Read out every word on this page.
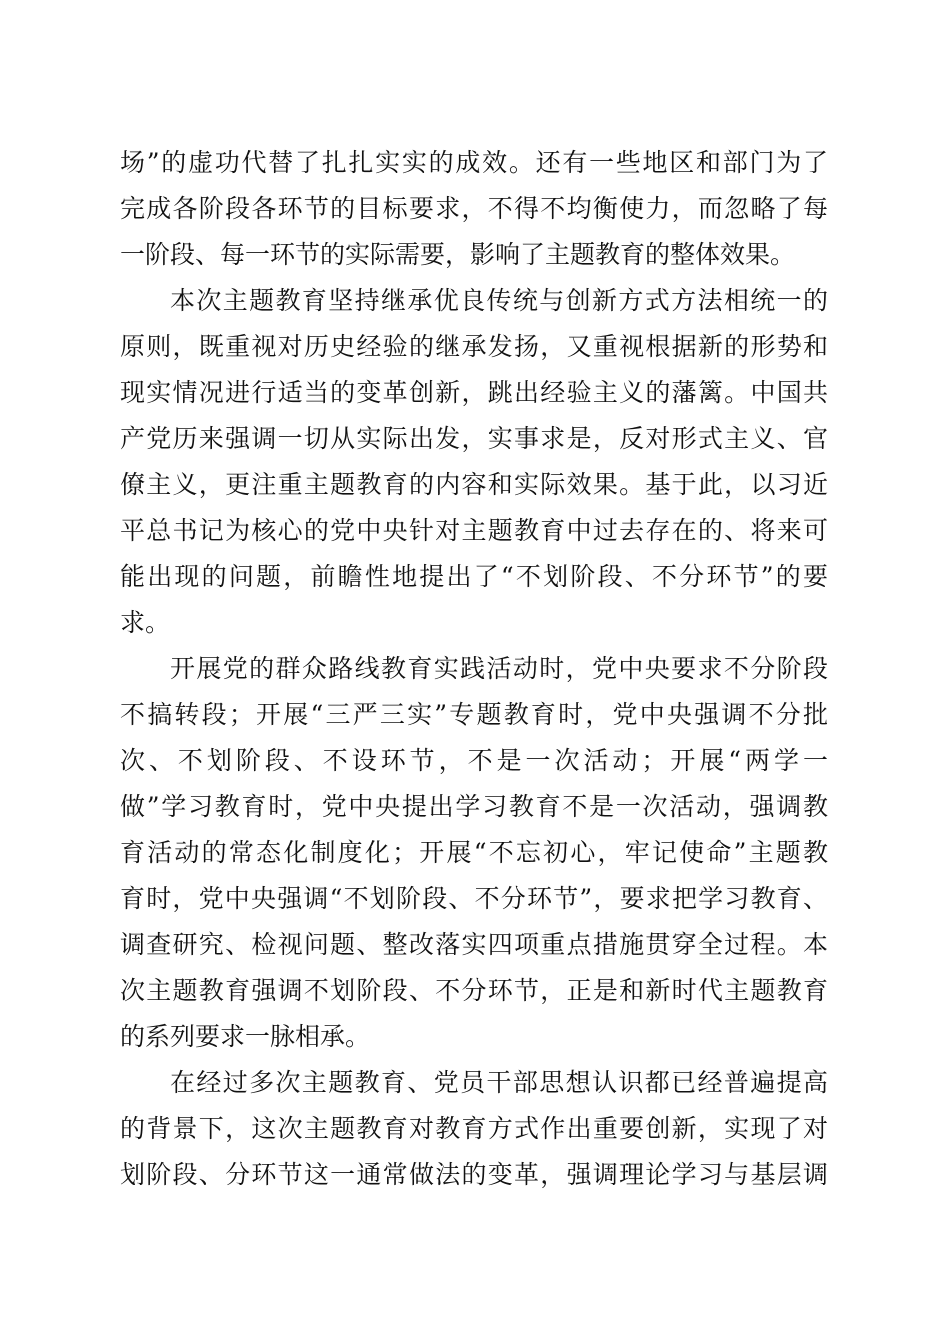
场”的虚功代替了扎扎实实的成效。还有一些地区和部门为了
完成各阶段各环节的目标要求，不得不均衡使力，而忽略了每
一阶段、每一环节的实际需要，影响了主题教育的整体效果。
本次主题教育坚持继承优良传统与创新方式方法相统一的
原则，既重视对历史经验的继承发扬，又重视根据新的形势和
现实情况进行适当的变革创新，跳出经验主义的藩篱。中国共
产党历来强调一切从实际出发，实事求是，反对形式主义、官
僚主义，更注重主题教育的内容和实际效果。基于此，以习近
平总书记为核心的党中央针对主题教育中过去存在的、将来可
能出现的问题，前瞻性地提出了“不划阶段、不分环节”的要
求。
开展党的群众路线教育实践活动时，党中央要求不分阶段
不搞转段；开展“三严三实”专题教育时，党中央强调不分批
次、不划阶段、不设环节，不是一次活动；开展“两学一
做”学习教育时，党中央提出学习教育不是一次活动，强调教
育活动的常态化制度化；开展“不忘初心，牢记使命”主题教
育时，党中央强调“不划阶段、不分环节”，要求把学习教育、
调查研究、检视问题、整改落实四项重点措施贯穿全过程。本
次主题教育强调不划阶段、不分环节，正是和新时代主题教育
的系列要求一脉相承。
在经过多次主题教育、党员干部思想认识都已经普遍提高
的背景下，这次主题教育对教育方式作出重要创新，实现了对
划阶段、分环节这一通常做法的变革，强调理论学习与基层调
